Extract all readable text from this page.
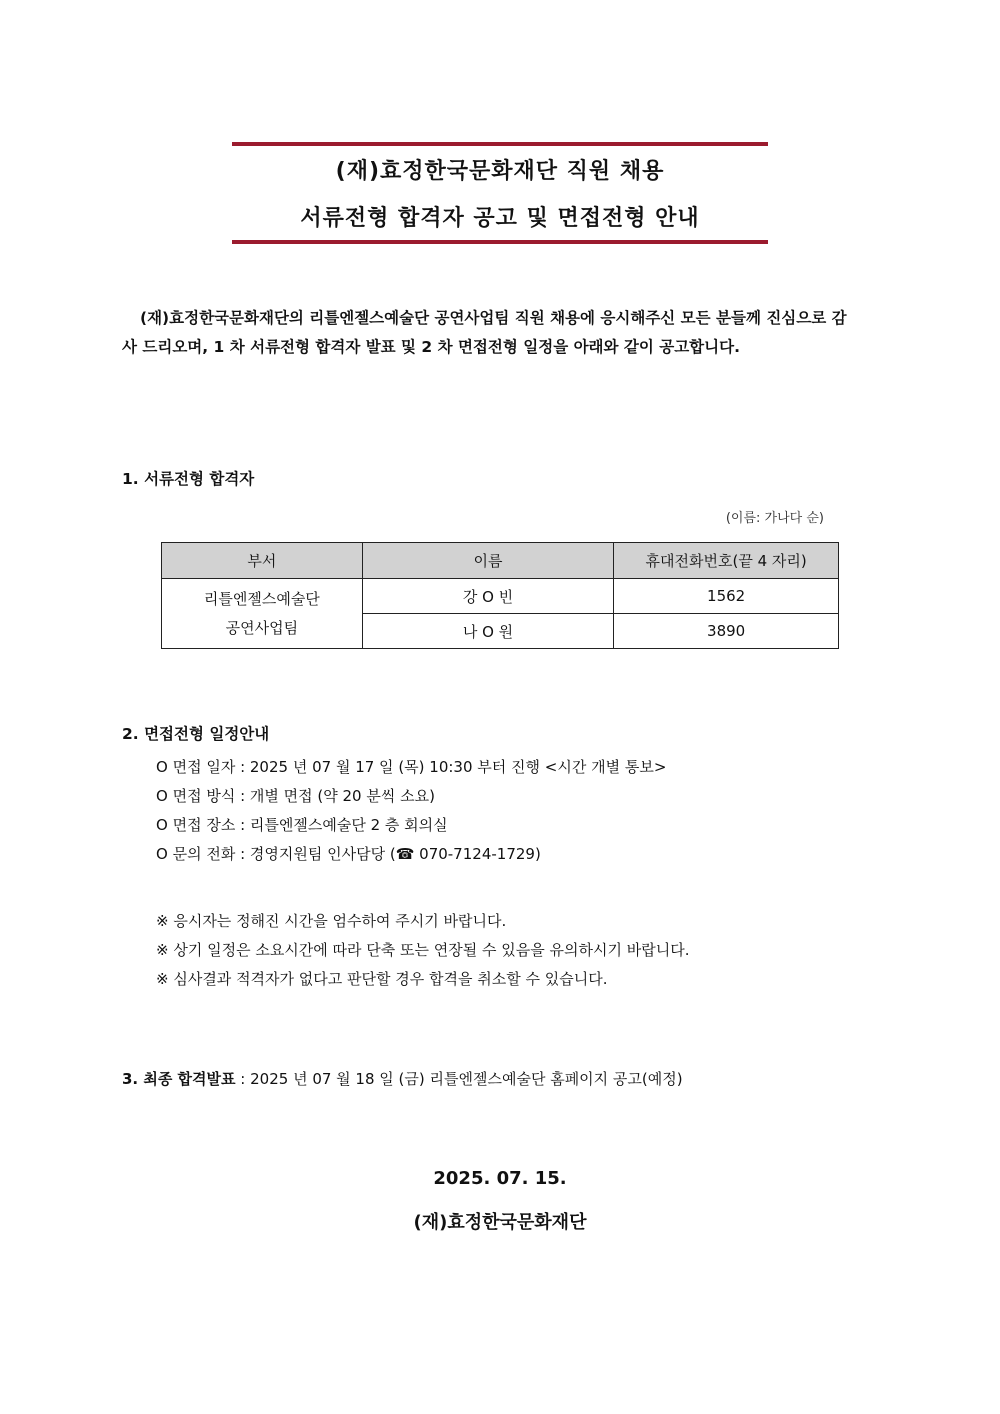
(재)효정한국문화재단 직원 채용
서류전형 합격자 공고 및 면접전형 안내
(재)효정한국문화재단의 리틀엔젤스예술단 공연사업팀 직원 채용에 응시해주신 모든 분들께 진심으로 감사 드리오며, 1 차 서류전형 합격자 발표 및 2 차 면접전형 일정을 아래와 같이 공고합니다.
1. 서류전형 합격자
(이름: 가나다 순)
부서	이름	휴대전화번호(끝 4 자리)

리틀엔젤스예술단
공연사업팀	강 O 빈	1562
	나 O 원	3890
2. 면접전형 일정안내
O 면접 일자 : 2025 년 07 월 17 일 (목) 10:30 부터 진행 <시간 개별 통보>
O 면접 방식 : 개별 면접 (약 20 분씩 소요)
O 면접 장소 : 리틀엔젤스예술단 2 층 회의실
O 문의 전화 : 경영지원팀 인사담당 (☎ 070-7124-1729)
※ 응시자는 정해진 시간을 엄수하여 주시기 바랍니다.
※ 상기 일정은 소요시간에 따라 단축 또는 연장될 수 있음을 유의하시기 바랍니다.
※ 심사결과 적격자가 없다고 판단할 경우 합격을 취소할 수 있습니다.
3. 최종 합격발표 : 2025 년 07 월 18 일 (금) 리틀엔젤스예술단 홈페이지 공고(예정)
2025. 07. 15.
(재)효정한국문화재단
